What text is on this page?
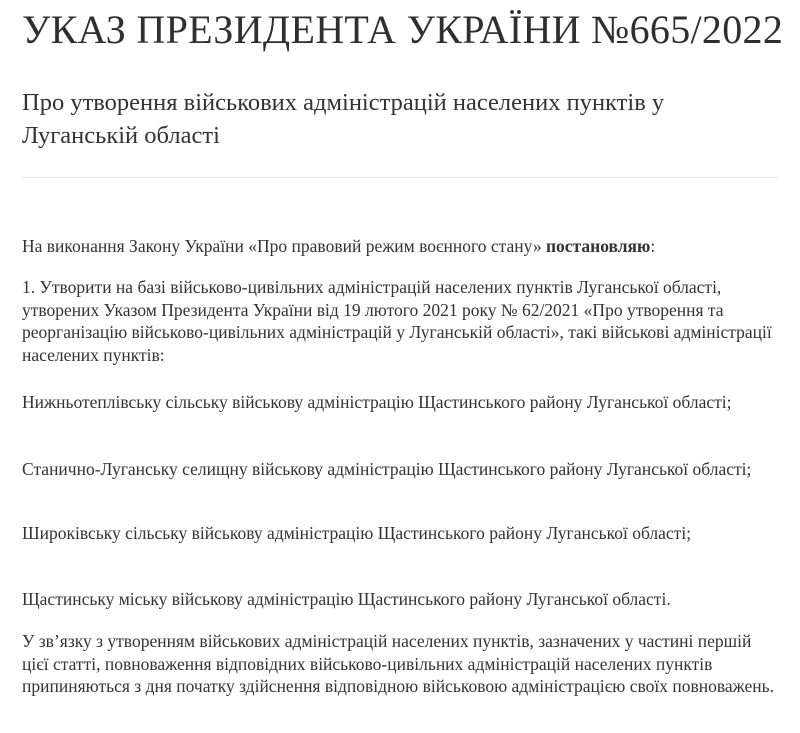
УКАЗ ПРЕЗИДЕНТА УКРАЇНИ №665/2022
Про утворення військових адміністрацій населених пунктів у Луганській області
На виконання Закону України «Про правовий режим воєнного стану» постановляю:
1. Утворити на базі військово-цивільних адміністрацій населених пунктів Луганської області, утворених Указом Президента України від 19 лютого 2021 року № 62/2021 «Про утворення та реорганізацію військово-цивільних адміністрацій у Луганській області», такі військові адміністрації населених пунктів:
Нижньотеплівську сільську військову адміністрацію Щастинського району Луганської області;
Станично-Луганську селищну військову адміністрацію Щастинського району Луганської області;
Широківську сільську військову адміністрацію Щастинського району Луганської області;
Щастинську міську військову адміністрацію Щастинського району Луганської області.
У зв’язку з утворенням військових адміністрацій населених пунктів, зазначених у частині першій цієї статті, повноваження відповідних військово-цивільних адміністрацій населених пунктів припиняються з дня початку здійснення відповідною військовою адміністрацією своїх повноважень.
